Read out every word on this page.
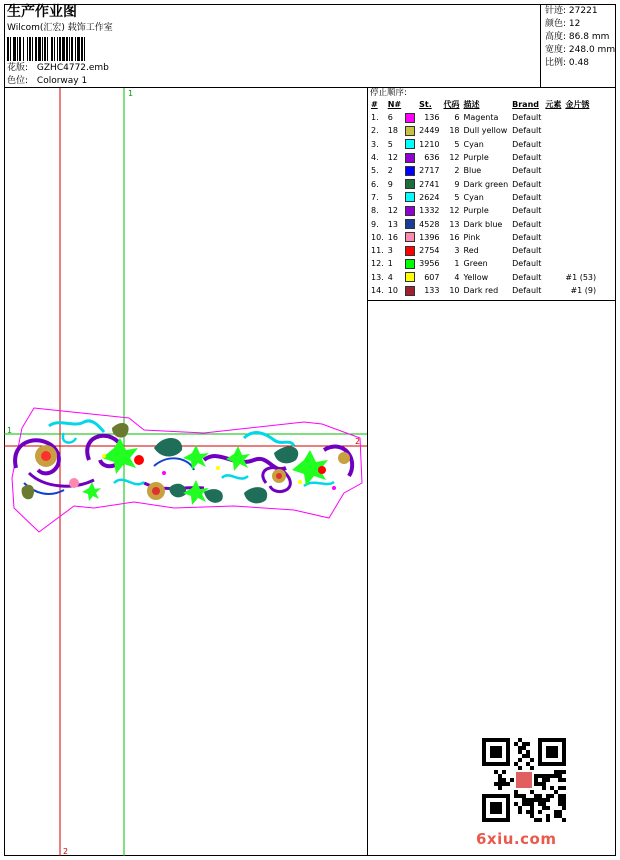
生产作业图
Wilcom(汇宏) 载饰工作室
花版: GZHC4772.emb
色位: Colorway 1
针迹: 27221
颜色: 12
高度: 86.8 mm
宽度: 248.0 mm
比例: 0.48
1
2
1
2
停止顺序:
#	N#		St.	代码	描述	Brand	元素	金片锈
1.	6		136	6	Magenta	Default		
2.	18		2449	18	Dull yellow	Default		
3.	5		1210	5	Cyan	Default		
4.	12		636	12	Purple	Default		
5.	2		2717	2	Blue	Default		
6.	9		2741	9	Dark green	Default		
7.	5		2624	5	Cyan	Default		
8.	12		1332	12	Purple	Default		
9.	13		4528	13	Dark blue	Default		
10.	16		1396	16	Pink	Default		
11.	3		2754	3	Red	Default		
12.	1		3956	1	Green	Default		
13.	4		607	4	Yellow	Default		#1 (53)
14.	10		133	10	Dark red	Default		#1 (9)
6xiu.com
